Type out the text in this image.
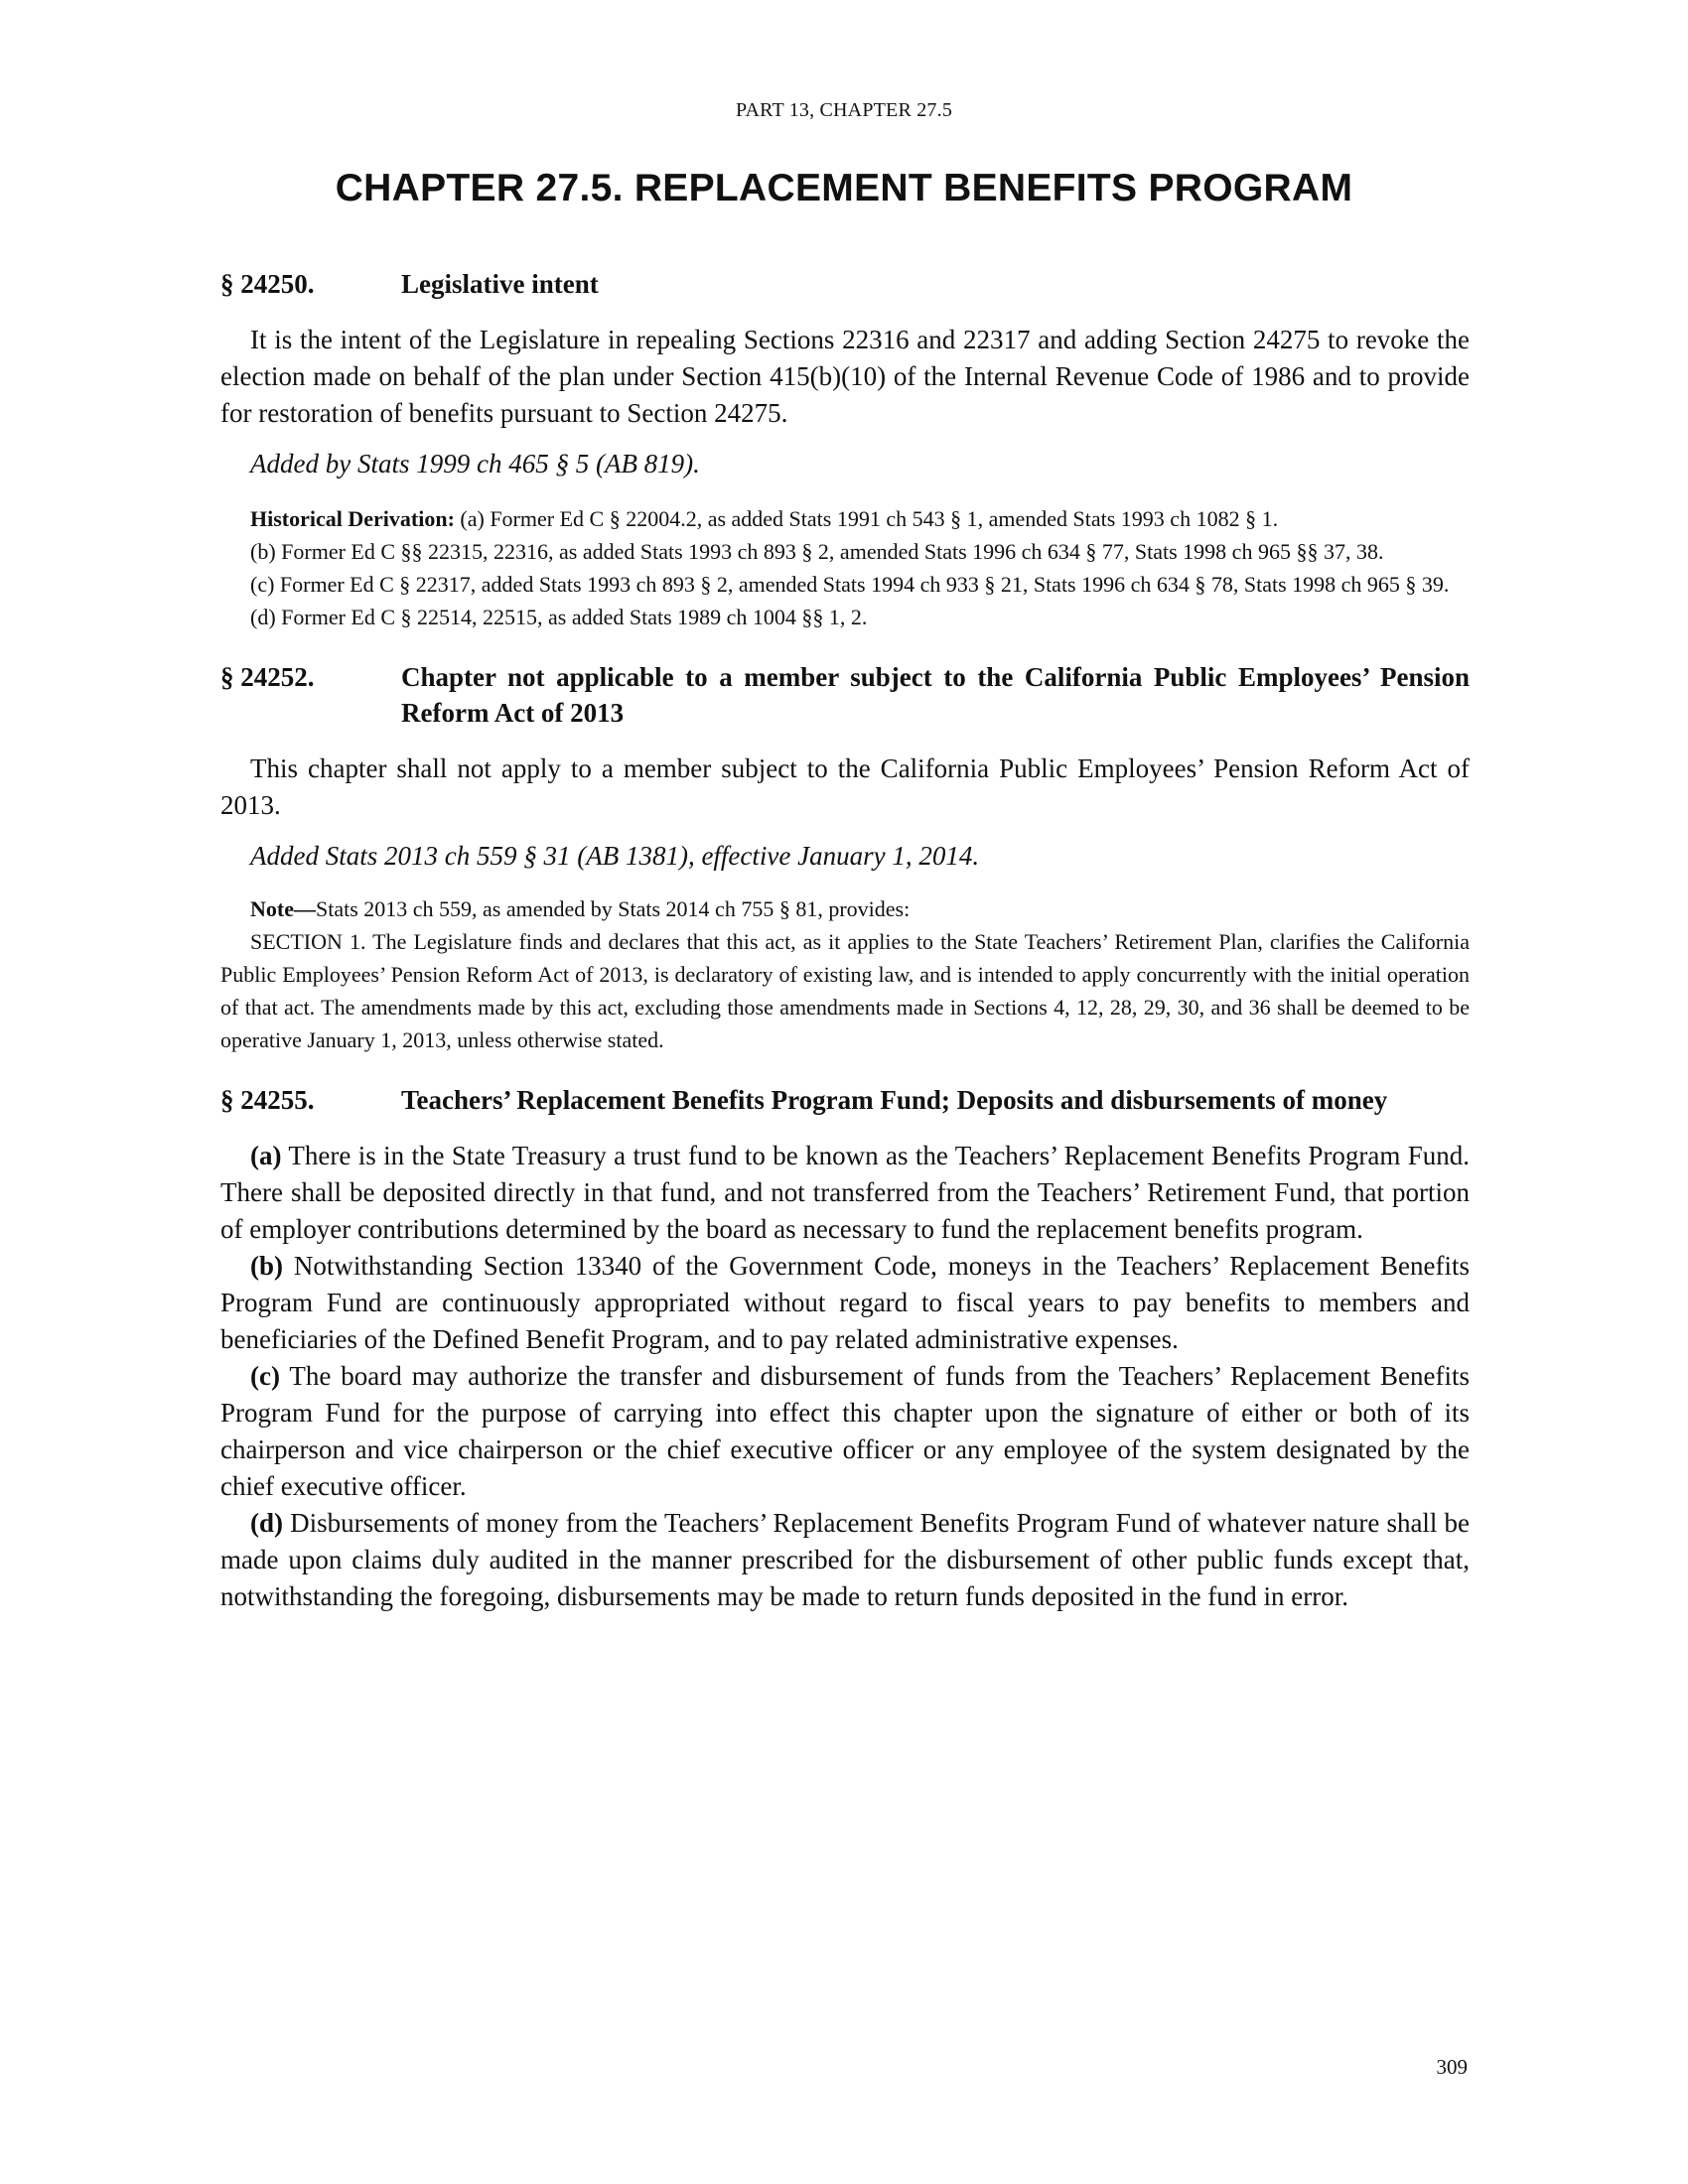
PART 13, CHAPTER 27.5
CHAPTER 27.5. REPLACEMENT BENEFITS PROGRAM
§ 24250.	Legislative intent

It is the intent of the Legislature in repealing Sections 22316 and 22317 and adding Section 24275 to revoke the election made on behalf of the plan under Section 415(b)(10) of the Internal Revenue Code of 1986 and to provide for restoration of benefits pursuant to Section 24275.

Added by Stats 1999 ch 465 § 5 (AB 819).

Historical Derivation: (a) Former Ed C § 22004.2, as added Stats 1991 ch 543 § 1, amended Stats 1993 ch 1082 § 1.

(b) Former Ed C §§ 22315, 22316, as added Stats 1993 ch 893 § 2, amended Stats 1996 ch 634 § 77, Stats 1998 ch 965 §§ 37, 38.

(c) Former Ed C § 22317, added Stats 1993 ch 893 § 2, amended Stats 1994 ch 933 § 21, Stats 1996 ch 634 § 78, Stats 1998 ch 965 § 39.

(d) Former Ed C § 22514, 22515, as added Stats 1989 ch 1004 §§ 1, 2.

§ 24252.	Chapter not applicable to a member subject to the California Public Employees’ Pension Reform Act of 2013

This chapter shall not apply to a member subject to the California Public Employees’ Pension Reform Act of 2013.

Added Stats 2013 ch 559 § 31 (AB 1381), effective January 1, 2014.

Note—Stats 2013 ch 559, as amended by Stats 2014 ch 755 § 81, provides:

SECTION 1. The Legislature finds and declares that this act, as it applies to the State Teachers’ Retirement Plan, clarifies the California Public Employees’ Pension Reform Act of 2013, is declaratory of existing law, and is intended to apply concurrently with the initial operation of that act. The amendments made by this act, excluding those amendments made in Sections 4, 12, 28, 29, 30, and 36 shall be deemed to be operative January 1, 2013, unless otherwise stated.

§ 24255.	Teachers’ Replacement Benefits Program Fund; Deposits and disbursements of money

(a) There is in the State Treasury a trust fund to be known as the Teachers’ Replacement Benefits Program Fund. There shall be deposited directly in that fund, and not transferred from the Teachers’ Retirement Fund, that portion of employer contributions determined by the board as necessary to fund the replacement benefits program.

(b) Notwithstanding Section 13340 of the Government Code, moneys in the Teachers’ Replacement Benefits Program Fund are continuously appropriated without regard to fiscal years to pay benefits to members and beneficiaries of the Defined Benefit Program, and to pay related administrative expenses.

(c) The board may authorize the transfer and disbursement of funds from the Teachers’ Replacement Benefits Program Fund for the purpose of carrying into effect this chapter upon the signature of either or both of its chairperson and vice chairperson or the chief executive officer or any employee of the system designated by the chief executive officer.

(d) Disbursements of money from the Teachers’ Replacement Benefits Program Fund of whatever nature shall be made upon claims duly audited in the manner prescribed for the disbursement of other public funds except that, notwithstanding the foregoing, disbursements may be made to return funds deposited in the fund in error.

309
